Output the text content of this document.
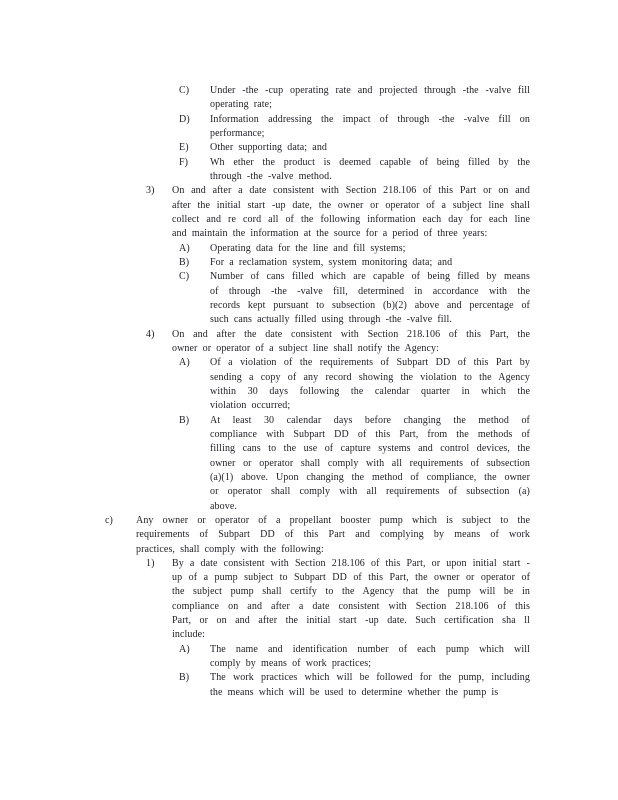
C)	Under -the -cup operating rate and projected through -the -valve fill
operating rate;
D)	Information addressing the impact of through -the -valve fill on
performance;
E)	Other supporting data; and
F)	Wh ether the product is deemed capable of being filled by the
through -the -valve method.
3)	On and after a date consistent with Section 218.106 of this Part or on and
after the initial start -up date, the owner or operator of a subject line shall
collect and re cord all of the following information each day for each line
and maintain the information at the source for a period of three years:
A)	Operating data for the line and fill systems;
B)	For a reclamation system, system monitoring data; and
C)	Number of cans filled which are capable of being filled by means
of through -the -valve fill, determined in accordance with the
records kept pursuant to subsection (b)(2) above and percentage of
such cans actually filled using through -the -valve fill.
4)	On and after the date consistent with Section 218.106 of this Part, the
owner or operator of a subject line shall notify the Agency:
A)	Of a violation of the requirements of Subpart DD of this Part by
sending a copy of any record showing the violation to the Agency
within 30 days following the calendar quarter in which the
violation occurred;
B)	At least 30 calendar days before changing the method of
compliance with Subpart DD of this Part, from the methods of
filling cans to the use of capture systems and control devices, the
owner or operator shall comply with all requirements of subsection
(a)(1) above. Upon changing the method of compliance, the owner
or operator shall comply with all requirements of subsection (a)
above.
c)	Any owner or operator of a propellant booster pump which is subject to the
requirements of Subpart DD of this Part and complying by means of work
practices, shall comply with the following:
1)	By a date consistent with Section 218.106 of this Part, or upon initial start -
up of a pump subject to Subpart DD of this Part, the owner or operator of
the subject pump shall certify to the Agency that the pump will be in
compliance on and after a date consistent with Section 218.106 of this
Part, or on and after the initial start -up date. Such certification sha ll
include:
A)	The name and identification number of each pump which will
comply by means of work practices;
B)	The work practices which will be followed for the pump, including
the means which will be used to determine whether the pump is
